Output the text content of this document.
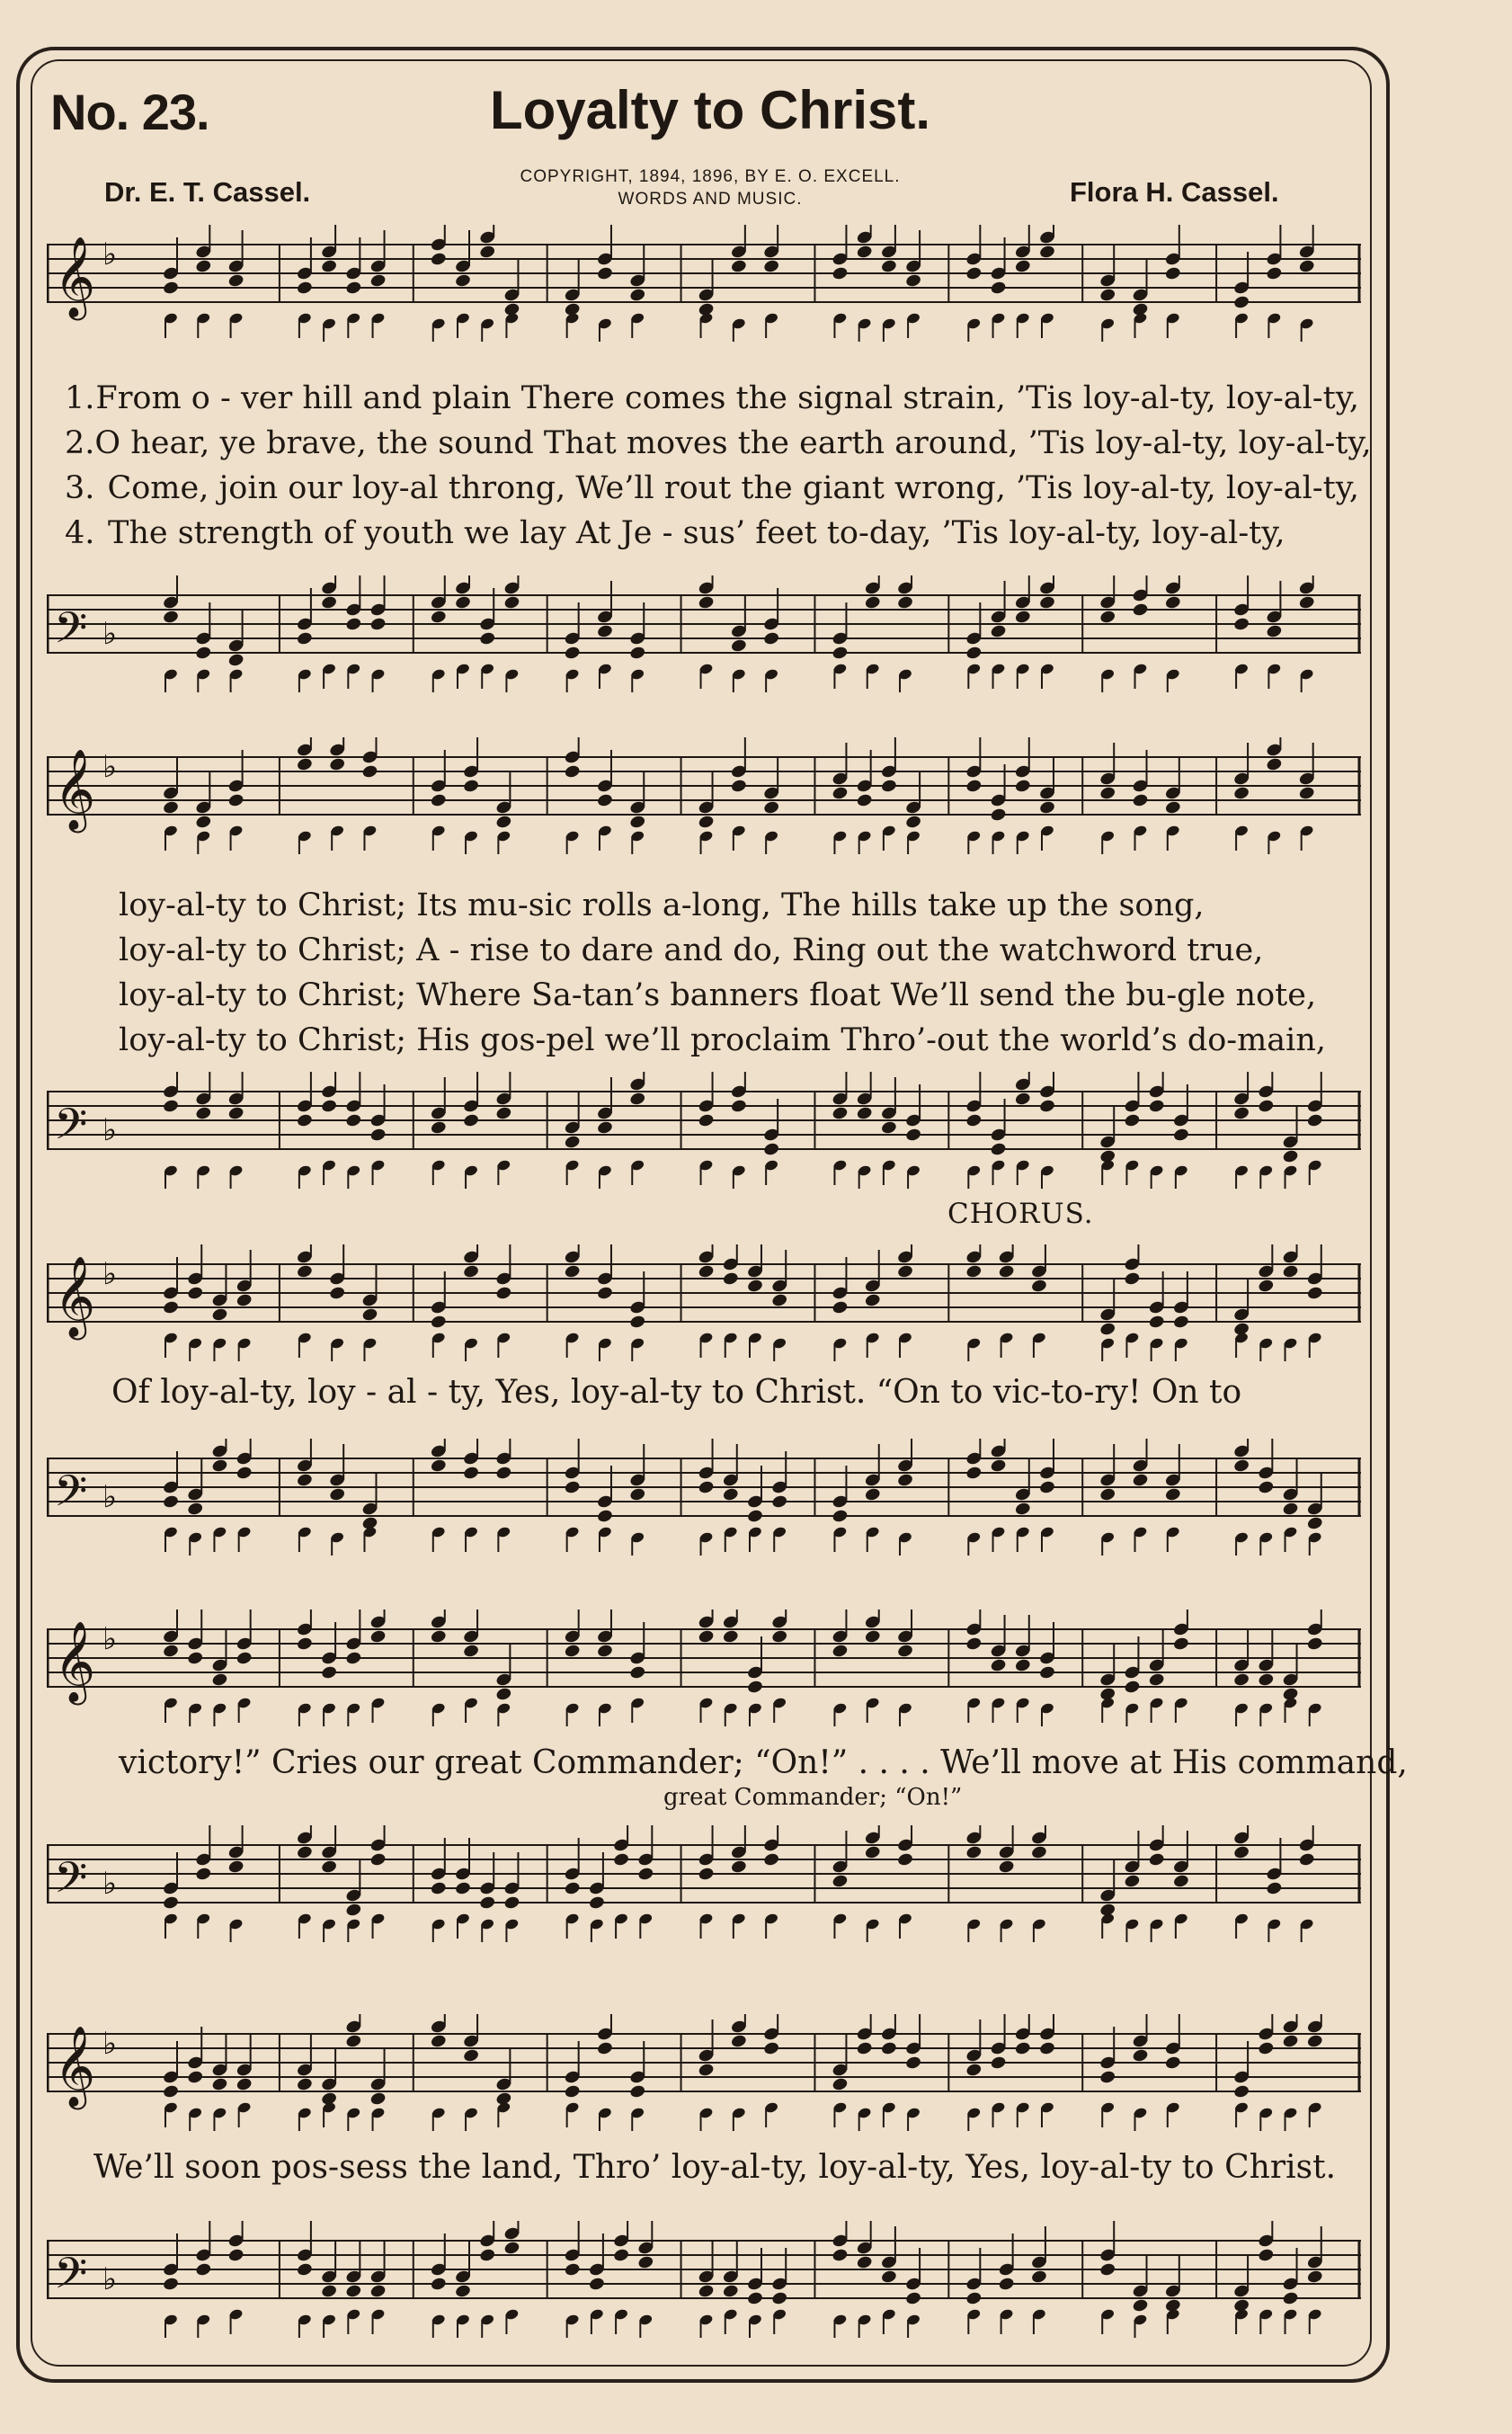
No. 23.	Loyalty to Christ.
COPYRIGHT, 1894, 1896, BY E. O. EXCELL.
WORDS AND MUSIC.
Dr. E. T. Cassel.	Flora H. Cassel.
𝄞 ♭
𝄢 ♭
1. From o - ver hill and plain There comes the signal strain, ’Tis loy-al-ty, loy-al-ty,
2. O hear, ye brave, the sound That moves the earth around, ’Tis loy-al-ty, loy-al-ty,
3. Come, join our loy-al throng, We’ll rout the giant wrong, ’Tis loy-al-ty, loy-al-ty,
4. The strength of youth we lay At Je - sus’ feet to-day, ’Tis loy-al-ty, loy-al-ty,
𝄞 ♭
loy-al-ty to Christ; Its mu-sic rolls a-long, The hills take up the song,
loy-al-ty to Christ; A - rise to dare and do, Ring out the watchword true,
loy-al-ty to Christ; Where Sa-tan’s banners float We’ll send the bu-gle note,
loy-al-ty to Christ; His gos-pel we’ll proclaim Thro’-out the world’s do-main,
𝄢 ♭
CHORUS.
𝄞 ♭
Of loy-al-ty, loy - al - ty, Yes, loy-al-ty to Christ. “On to vic-to-ry! On to
𝄢 ♭
𝄞 ♭
victory!” Cries our great Commander; “On!” . . . . We’ll move at His command,
great Commander; “On!”
𝄢 ♭
𝄞 ♭
We’ll soon pos-sess the land, Thro’ loy-al-ty, loy-al-ty, Yes, loy-al-ty to Christ.
𝄢 ♭
